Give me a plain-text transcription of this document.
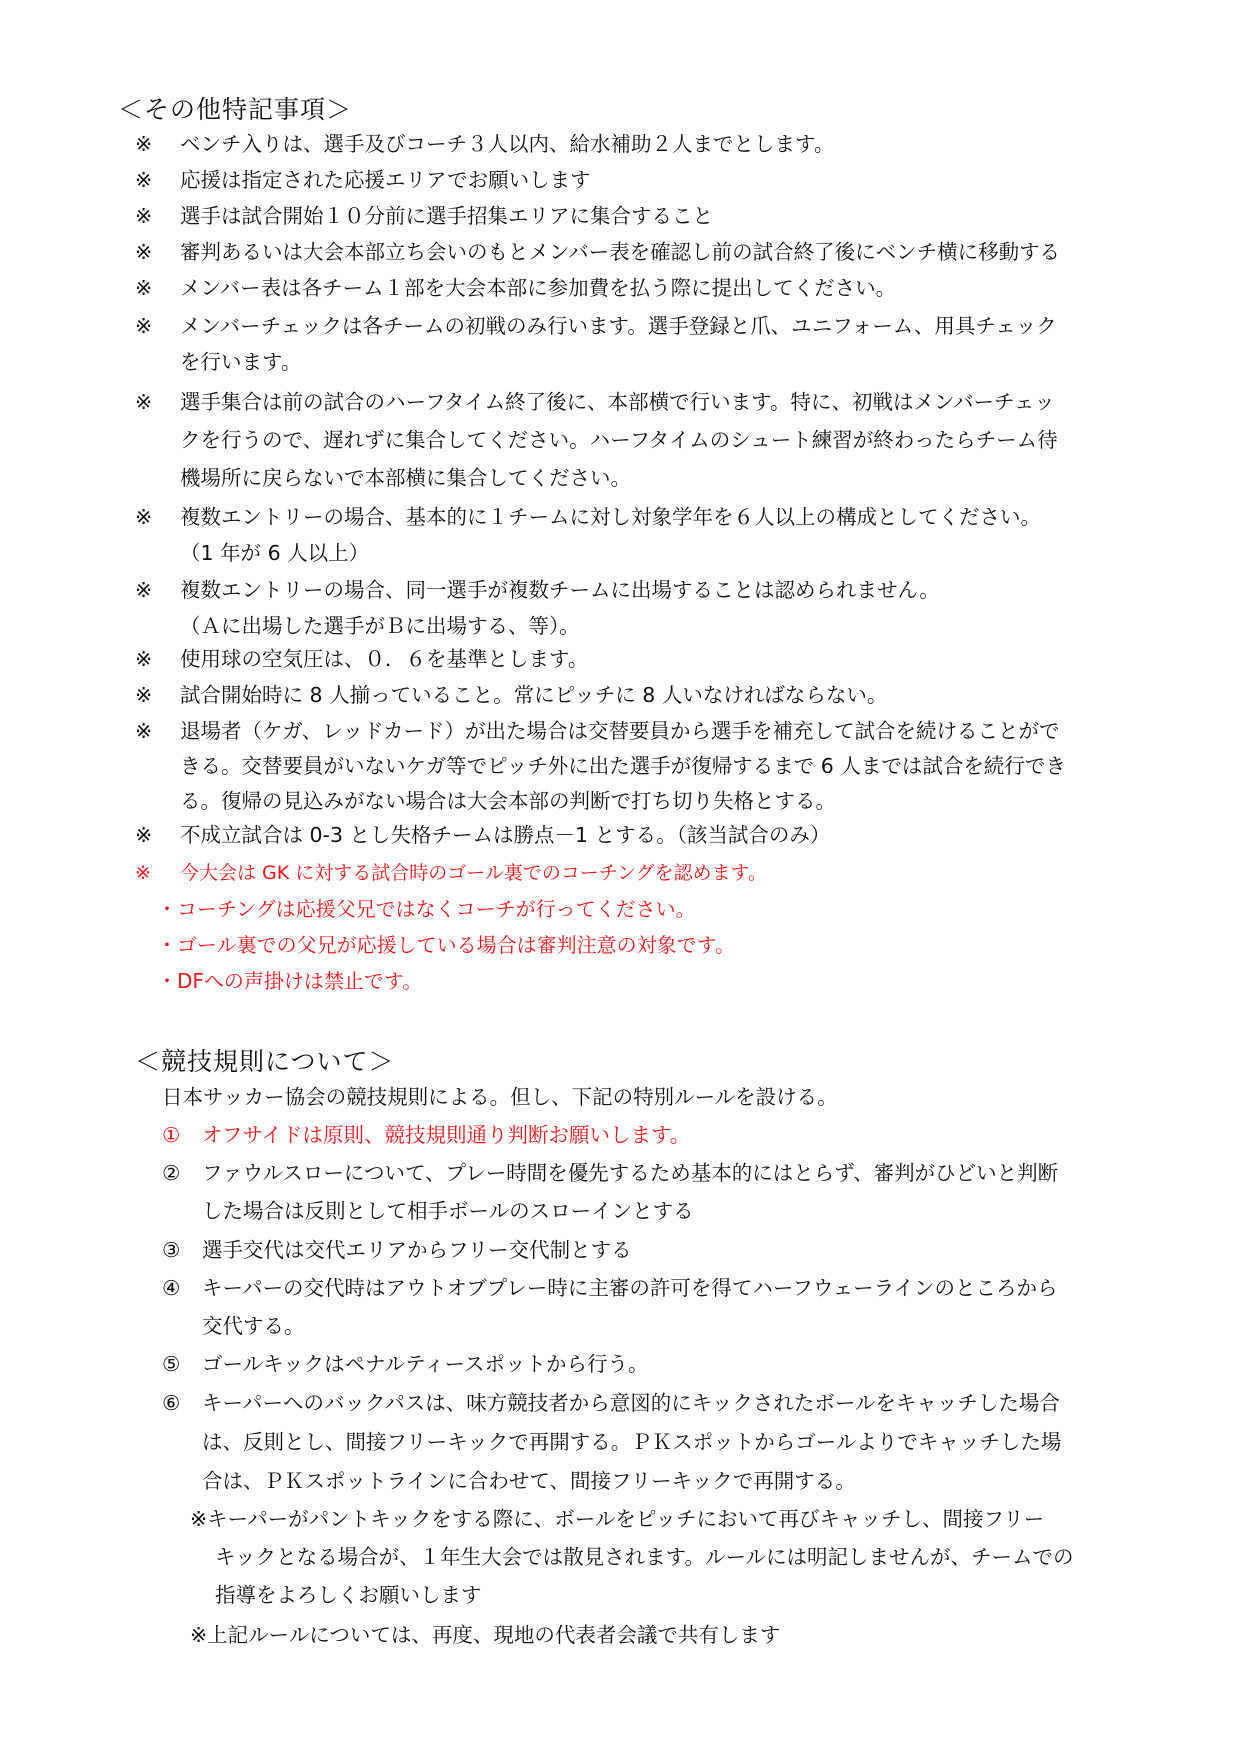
＜その他特記事項＞
※ ベンチ入りは、選手及びコーチ３人以内、給水補助２人までとします。
※ 応援は指定された応援エリアでお願いします
※ 選手は試合開始１０分前に選手招集エリアに集合すること
※ 審判あるいは大会本部立ち会いのもとメンバー表を確認し前の試合終了後にベンチ横に移動する
※ メンバー表は各チーム１部を大会本部に参加費を払う際に提出してください。
※ メンバーチェックは各チームの初戦のみ行います。選手登録と爪、ユニフォーム、用具チェック
を行います。
※ 選手集合は前の試合のハーフタイム終了後に、本部横で行います。特に、初戦はメンバーチェッ
クを行うので、遅れずに集合してください。ハーフタイムのシュート練習が終わったらチーム待
機場所に戻らないで本部横に集合してください。
※ 複数エントリーの場合、基本的に１チームに対し対象学年を６人以上の構成としてください。
（1 年が 6 人以上）
※ 複数エントリーの場合、同一選手が複数チームに出場することは認められません。
（Ａに出場した選手がＢに出場する、等）。
※ 使用球の空気圧は、０．６を基準とします。
※ 試合開始時に 8 人揃っていること。常にピッチに 8 人いなければならない。
※ 退場者（ケガ、レッドカード）が出た場合は交替要員から選手を補充して試合を続けることがで
きる。交替要員がいないケガ等でピッチ外に出た選手が復帰するまで 6 人までは試合を続行でき
る。復帰の見込みがない場合は大会本部の判断で打ち切り失格とする。
※ 不成立試合は 0-3 とし失格チームは勝点－1 とする。（該当試合のみ）
※ 今大会は GK に対する試合時のゴール裏でのコーチングを認めます。
・コーチングは応援父兄ではなくコーチが行ってください。
・ゴール裏での父兄が応援している場合は審判注意の対象です。
・DFへの声掛けは禁止です。
＜競技規則について＞
日本サッカー協会の競技規則による。但し、下記の特別ルールを設ける。
① オフサイドは原則、競技規則通り判断お願いします。
② ファウルスローについて、プレー時間を優先するため基本的にはとらず、審判がひどいと判断
した場合は反則として相手ボールのスローインとする
③ 選手交代は交代エリアからフリー交代制とする
④ キーパーの交代時はアウトオブプレー時に主審の許可を得てハーフウェーラインのところから
交代する。
⑤ ゴールキックはペナルティースポットから行う。
⑥ キーパーへのバックパスは、味方競技者から意図的にキックされたボールをキャッチした場合
は、反則とし、間接フリーキックで再開する。ＰＫスポットからゴールよりでキャッチした場
合は、ＰＫスポットラインに合わせて、間接フリーキックで再開する。
※キーパーがパントキックをする際に、ボールをピッチにおいて再びキャッチし、間接フリー
キックとなる場合が、１年生大会では散見されます。ルールには明記しませんが、チームでの
指導をよろしくお願いします
※上記ルールについては、再度、現地の代表者会議で共有します
